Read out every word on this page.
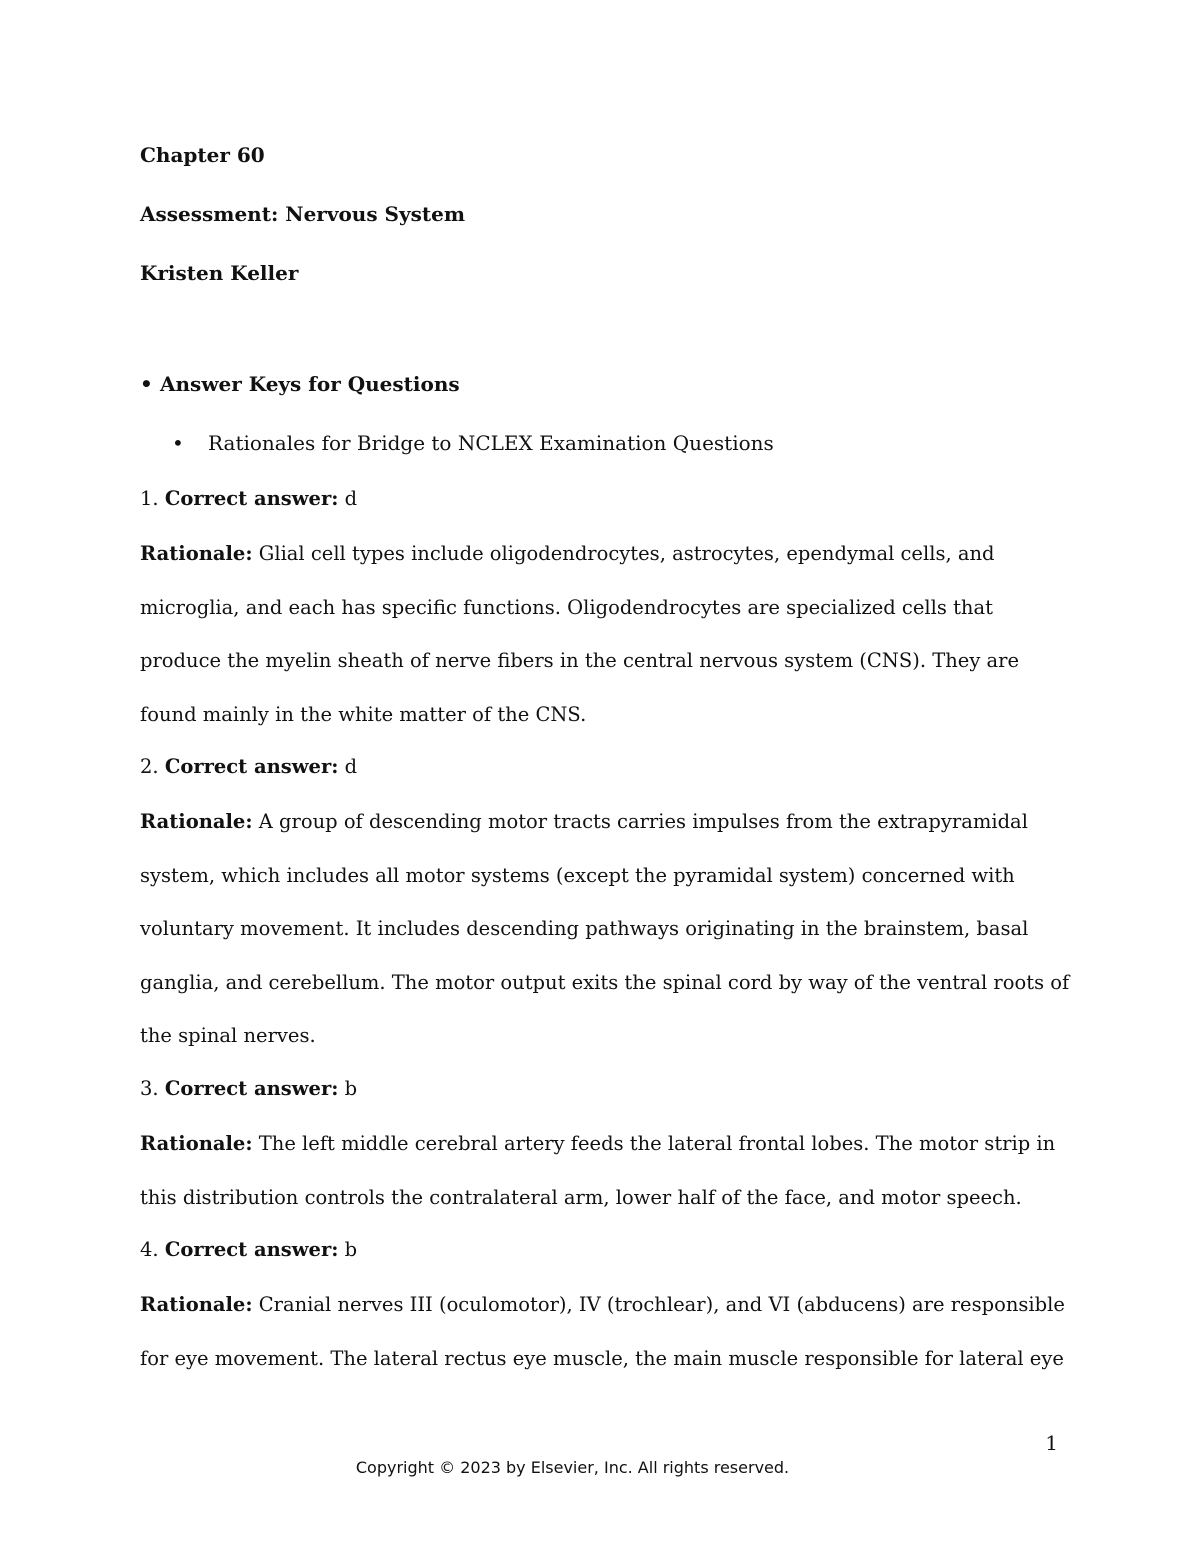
Chapter 60
Assessment: Nervous System
Kristen Keller
• Answer Keys for Questions
• Rationales for Bridge to NCLEX Examination Questions
1. Correct answer: d

Rationale: Glial cell types include oligodendrocytes, astrocytes, ependymal cells, and microglia, and each has specific functions. Oligodendrocytes are specialized cells that produce the myelin sheath of nerve fibers in the central nervous system (CNS). They are found mainly in the white matter of the CNS.

2. Correct answer: d

Rationale: A group of descending motor tracts carries impulses from the extrapyramidal system, which includes all motor systems (except the pyramidal system) concerned with voluntary movement. It includes descending pathways originating in the brainstem, basal ganglia, and cerebellum. The motor output exits the spinal cord by way of the ventral roots of the spinal nerves.

3. Correct answer: b

Rationale: The left middle cerebral artery feeds the lateral frontal lobes. The motor strip in this distribution controls the contralateral arm, lower half of the face, and motor speech.

4. Correct answer: b

Rationale: Cranial nerves III (oculomotor), IV (trochlear), and VI (abducens) are responsible for eye movement. The lateral rectus eye muscle, the main muscle responsible for lateral eye

1
Copyright © 2023 by Elsevier, Inc. All rights reserved.
